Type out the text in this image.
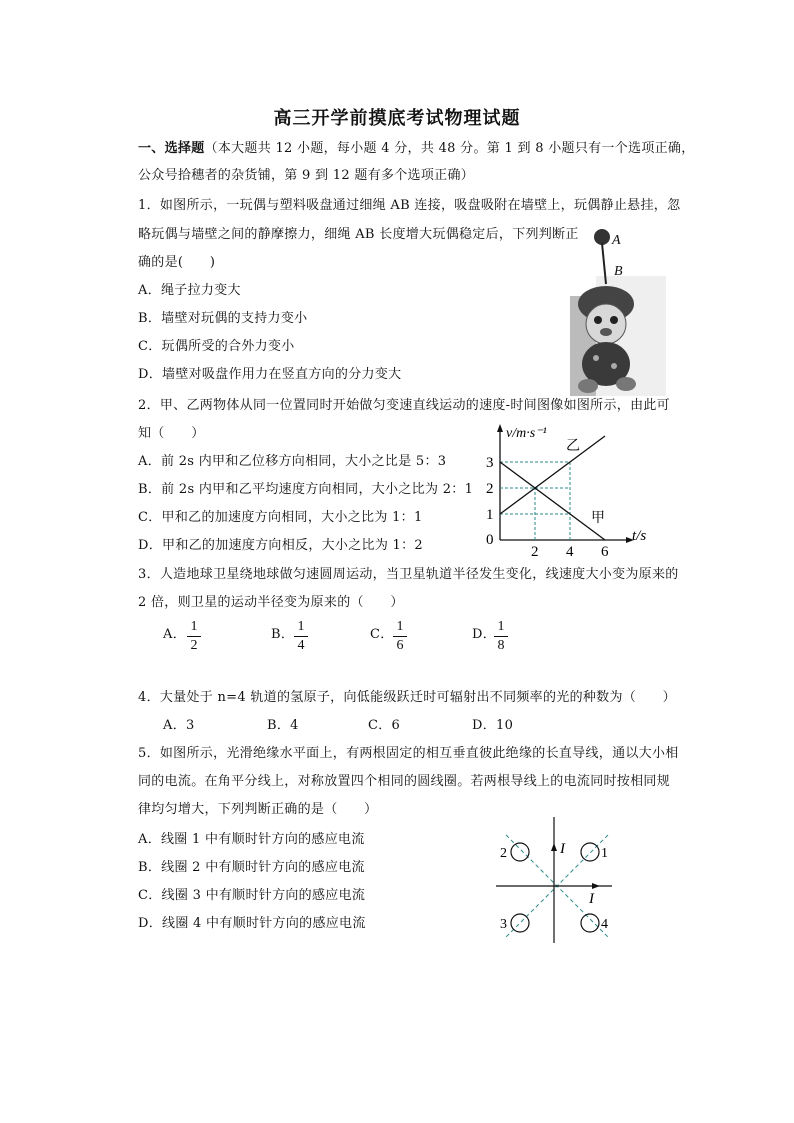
高三开学前摸底考试物理试题
一、选择题（本大题共 12 小题，每小题 4 分，共 48 分。第 1 到 8 小题只有一个选项正确，
公众号拾穗者的杂货铺，第 9 到 12 题有多个选项正确）
1．如图所示，一玩偶与塑料吸盘通过细绳 AB 连接，吸盘吸附在墙壁上，玩偶静止悬挂，忽
略玩偶与墙壁之间的静摩擦力，细绳 AB 长度增大玩偶稳定后，下列判断正
确的是(　　)
A．绳子拉力变大
B．墙壁对玩偶的支持力变小
C．玩偶所受的合外力变小
D．墙壁对吸盘作用力在竖直方向的分力变大
A
B
2．甲、乙两物体从同一位置同时开始做匀变速直线运动的速度-时间图像如图所示，由此可
知（　　）
A．前 2s 内甲和乙位移方向相同，大小之比是 5：3
B．前 2s 内甲和乙平均速度方向相同，大小之比为 2：1
C．甲和乙的加速度方向相同，大小之比为 1：1
D．甲和乙的加速度方向相反，大小之比为 1：2
1
2
3
2 4 6
v/m·s⁻¹
t/s
0
乙
甲
3．人造地球卫星绕地球做匀速圆周运动，当卫星轨道半径发生变化，线速度大小变为原来的
2 倍，则卫星的运动半径变为原来的（　　）
A． $\frac{1}{2}$	B． $\frac{1}{4}$	C． $\frac{1}{6}$	D．
$\frac{1}{8}$
4．大量处于 n=4 轨道的氢原子，向低能级跃迁时可辐射出不同频率的光的种数为（　　）
A．3	B．4	C．6	D．10
5．如图所示，光滑绝缘水平面上，有两根固定的相互垂直彼此绝缘的长直导线，通以大小相
同的电流。在角平分线上，对称放置四个相同的圆线圈。若两根导线上的电流同时按相同规
律均匀增大，下列判断正确的是（　　）
A．线圈 1 中有顺时针方向的感应电流
B．线圈 2 中有顺时针方向的感应电流
C．线圈 3 中有顺时针方向的感应电流
D．线圈 4 中有顺时针方向的感应电流
I
I
1
2
3	4
